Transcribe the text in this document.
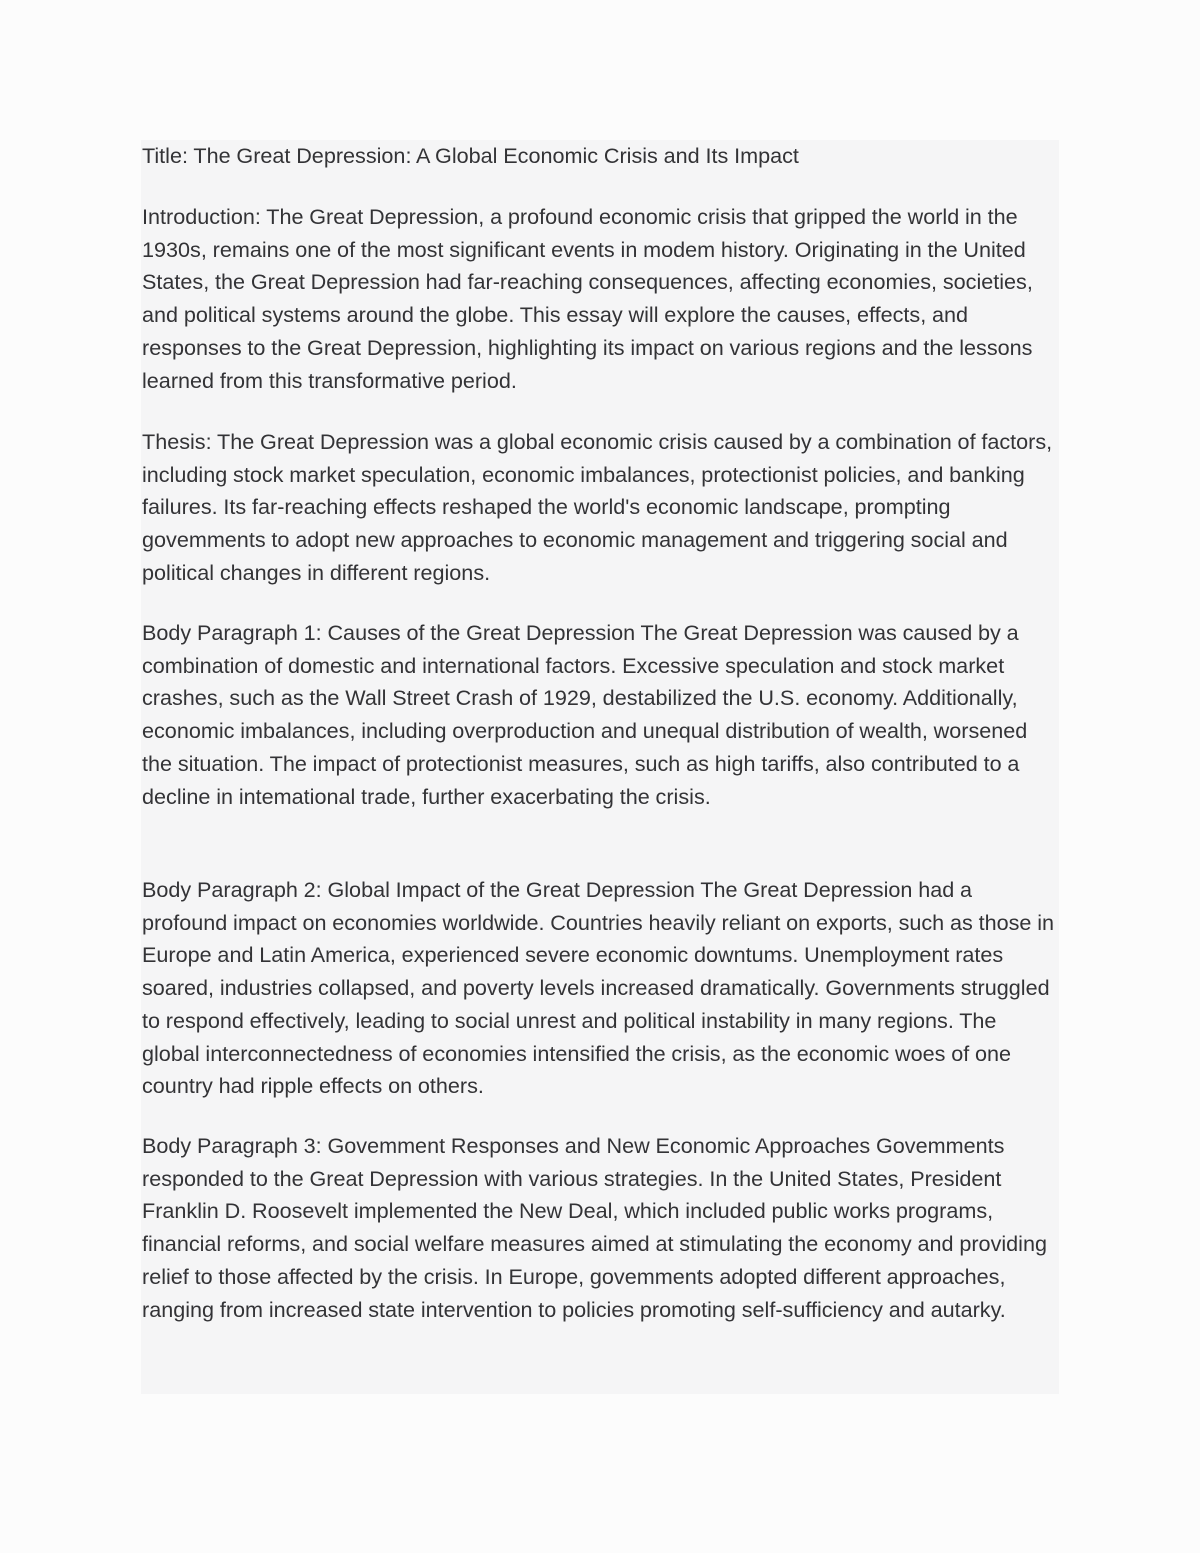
Title: The Great Depression: A Global Economic Crisis and Its Impact

Introduction: The Great Depression, a profound economic crisis that gripped the world in the 1930s, remains one of the most significant events in modem history. Originating in the United States, the Great Depression had far-reaching consequences, affecting economies, societies, and political systems around the globe. This essay will explore the causes, effects, and responses to the Great Depression, highlighting its impact on various regions and the lessons learned from this transformative period.

Thesis: The Great Depression was a global economic crisis caused by a combination of factors, including stock market speculation, economic imbalances, protectionist policies, and banking failures. Its far-reaching effects reshaped the world's economic landscape, prompting govemments to adopt new approaches to economic management and triggering social and political changes in different regions.

Body Paragraph 1: Causes of the Great Depression The Great Depression was caused by a combination of domestic and international factors. Excessive speculation and stock market crashes, such as the Wall Street Crash of 1929, destabilized the U.S. economy. Additionally, economic imbalances, including overproduction and unequal distribution of wealth, worsened the situation. The impact of protectionist measures, such as high tariffs, also contributed to a decline in intemational trade, further exacerbating the crisis.

Body Paragraph 2: Global Impact of the Great Depression The Great Depression had a profound impact on economies worldwide. Countries heavily reliant on exports, such as those in Europe and Latin America, experienced severe economic downtums. Unemployment rates soared, industries collapsed, and poverty levels increased dramatically. Governments struggled to respond effectively, leading to social unrest and political instability in many regions. The global interconnectedness of economies intensified the crisis, as the economic woes of one country had ripple effects on others.

Body Paragraph 3: Govemment Responses and New Economic Approaches Govemments responded to the Great Depression with various strategies. In the United States, President Franklin D. Roosevelt implemented the New Deal, which included public works programs, financial reforms, and social welfare measures aimed at stimulating the economy and providing relief to those affected by the crisis. In Europe, govemments adopted different approaches, ranging from increased state intervention to policies promoting self-sufficiency and autarky.
